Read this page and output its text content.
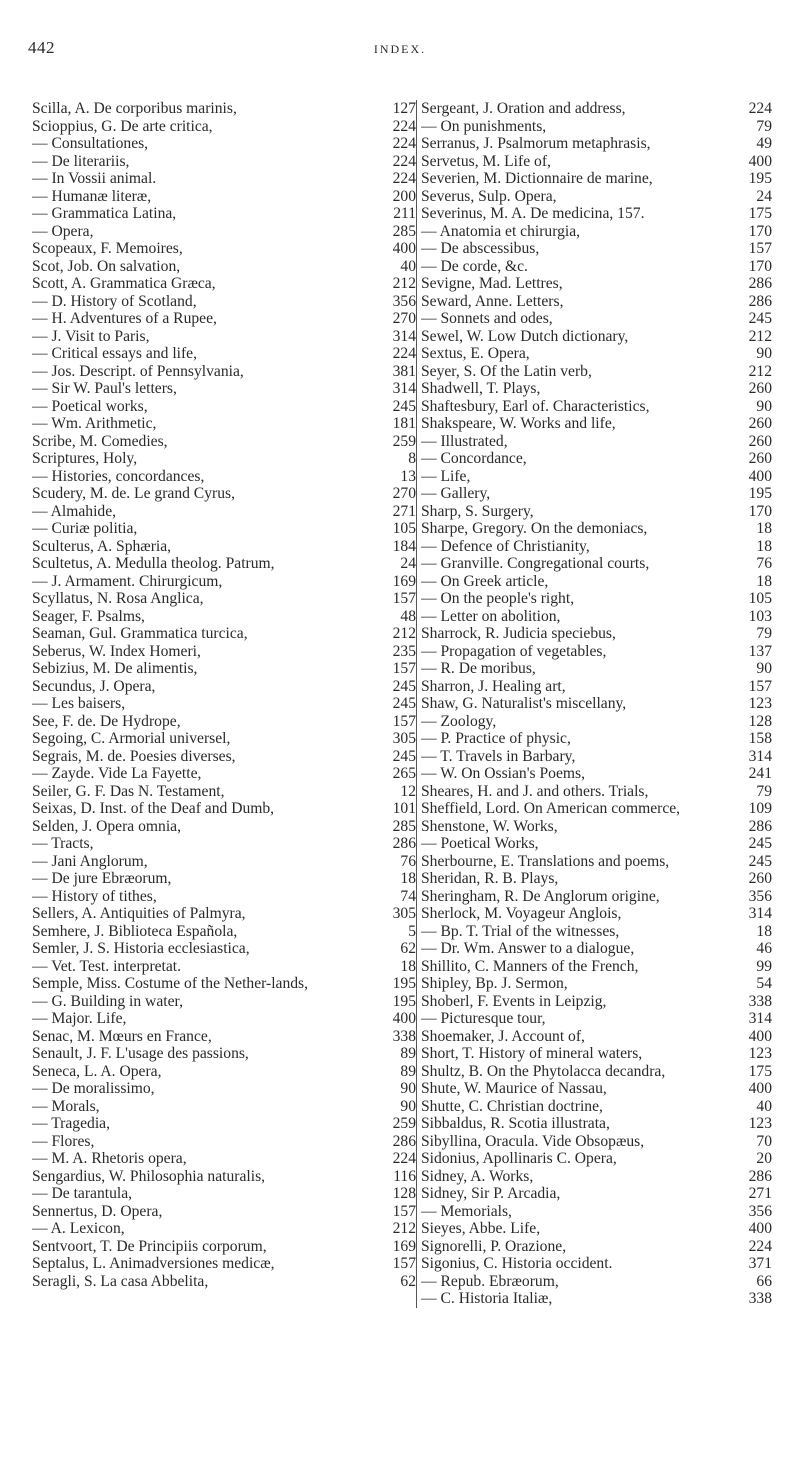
442	INDEX.
Scilla, A. De corporibus marinis,	127
Scioppius, G. De arte critica,	224
— Consultationes,	224
— De literariis,	224
— In Vossii animal.	224
— Humanæ literæ,	200
— Grammatica Latina,	211
— Opera,	285
Scopeaux, F. Memoires,	400
Scot, Job. On salvation,	40
Scott, A. Grammatica Græca,	212
— D. History of Scotland,	356
— H. Adventures of a Rupee,	270
— J. Visit to Paris,	314
— Critical essays and life,	224
— Jos. Descript. of Pennsylvania,	381
— Sir W. Paul's letters,	314
— Poetical works,	245
— Wm. Arithmetic,	181
Scribe, M. Comedies,	259
Scriptures, Holy,	8
— Histories, concordances,	13
Scudery, M. de. Le grand Cyrus,	270
— Almahide,	271
— Curiæ politia,	105
Sculterus, A. Sphæria,	184
Scultetus, A. Medulla theolog. Patrum,	24
— J. Armament. Chirurgicum,	169
Scyllatus, N. Rosa Anglica,	157
Seager, F. Psalms,	48
Seaman, Gul. Grammatica turcica,	212
Seberus, W. Index Homeri,	235
Sebizius, M. De alimentis,	157
Secundus, J. Opera,	245
— Les baisers,	245
See, F. de. De Hydrope,	157
Segoing, C. Armorial universel,	305
Segrais, M. de. Poesies diverses,	245
— Zayde. Vide La Fayette,	265
Seiler, G. F. Das N. Testament,	12
Seixas, D. Inst. of the Deaf and Dumb,	101
Selden, J. Opera omnia,	285
— Tracts,	286
— Jani Anglorum,	76
— De jure Ebræorum,	18
— History of tithes,	74
Sellers, A. Antiquities of Palmyra,	305
Semhere, J. Biblioteca Española,	5
Semler, J. S. Historia ecclesiastica,	62
— Vet. Test. interpretat.	18
Semple, Miss. Costume of the Nether-lands,	195
— G. Building in water,	195
— Major. Life,	400
Senac, M. Mœurs en France,	338
Senault, J. F. L'usage des passions,	89
Seneca, L. A. Opera,	89
— De moralissimo,	90
— Morals,	90
— Tragedia,	259
— Flores,	286
— M. A. Rhetoris opera,	224
Sengardius, W. Philosophia naturalis,	116
— De tarantula,	128
Sennertus, D. Opera,	157
— A. Lexicon,	212
Sentvoort, T. De Principiis corporum,	169
Septalus, L. Animadversiones medicæ,	157
Seragli, S. La casa Abbelita,	62
Sergeant, J. Oration and address,	224
— On punishments,	79
Serranus, J. Psalmorum metaphrasis,	49
Servetus, M. Life of,	400
Severien, M. Dictionnaire de marine,	195
Severus, Sulp. Opera,	24
Severinus, M. A. De medicina, 157.	175
— Anatomia et chirurgia,	170
— De abscessibus,	157
— De corde, &c.	170
Sevigne, Mad. Lettres,	286
Seward, Anne. Letters,	286
— Sonnets and odes,	245
Sewel, W. Low Dutch dictionary,	212
Sextus, E. Opera,	90
Seyer, S. Of the Latin verb,	212
Shadwell, T. Plays,	260
Shaftesbury, Earl of. Characteristics,	90
Shakspeare, W. Works and life,	260
— Illustrated,	260
— Concordance,	260
— Life,	400
— Gallery,	195
Sharp, S. Surgery,	170
Sharpe, Gregory. On the demoniacs,	18
— Defence of Christianity,	18
— Granville. Congregational courts,	76
— On Greek article,	18
— On the people's right,	105
— Letter on abolition,	103
Sharrock, R. Judicia speciebus,	79
— Propagation of vegetables,	137
— R. De moribus,	90
Sharron, J. Healing art,	157
Shaw, G. Naturalist's miscellany,	123
— Zoology,	128
— P. Practice of physic,	158
— T. Travels in Barbary,	314
— W. On Ossian's Poems,	241
Sheares, H. and J. and others. Trials,	79
Sheffield, Lord. On American commerce,	109
Shenstone, W. Works,	286
— Poetical Works,	245
Sherbourne, E. Translations and poems,	245
Sheridan, R. B. Plays,	260
Sheringham, R. De Anglorum origine,	356
Sherlock, M. Voyageur Anglois,	314
— Bp. T. Trial of the witnesses,	18
— Dr. Wm. Answer to a dialogue,	46
Shillito, C. Manners of the French,	99
Shipley, Bp. J. Sermon,	54
Shoberl, F. Events in Leipzig,	338
— Picturesque tour,	314
Shoemaker, J. Account of,	400
Short, T. History of mineral waters,	123
Shultz, B. On the Phytolacca decandra,	175
Shute, W. Maurice of Nassau,	400
Shutte, C. Christian doctrine,	40
Sibbaldus, R. Scotia illustrata,	123
Sibyllina, Oracula. Vide Obsopæus,	70
Sidonius, Apollinaris C. Opera,	20
Sidney, A. Works,	286
Sidney, Sir P. Arcadia,	271
— Memorials,	356
Sieyes, Abbe. Life,	400
Signorelli, P. Orazione,	224
Sigonius, C. Historia occident.	371
— Repub. Ebræorum,	66
— C. Historia Italiæ,	338
